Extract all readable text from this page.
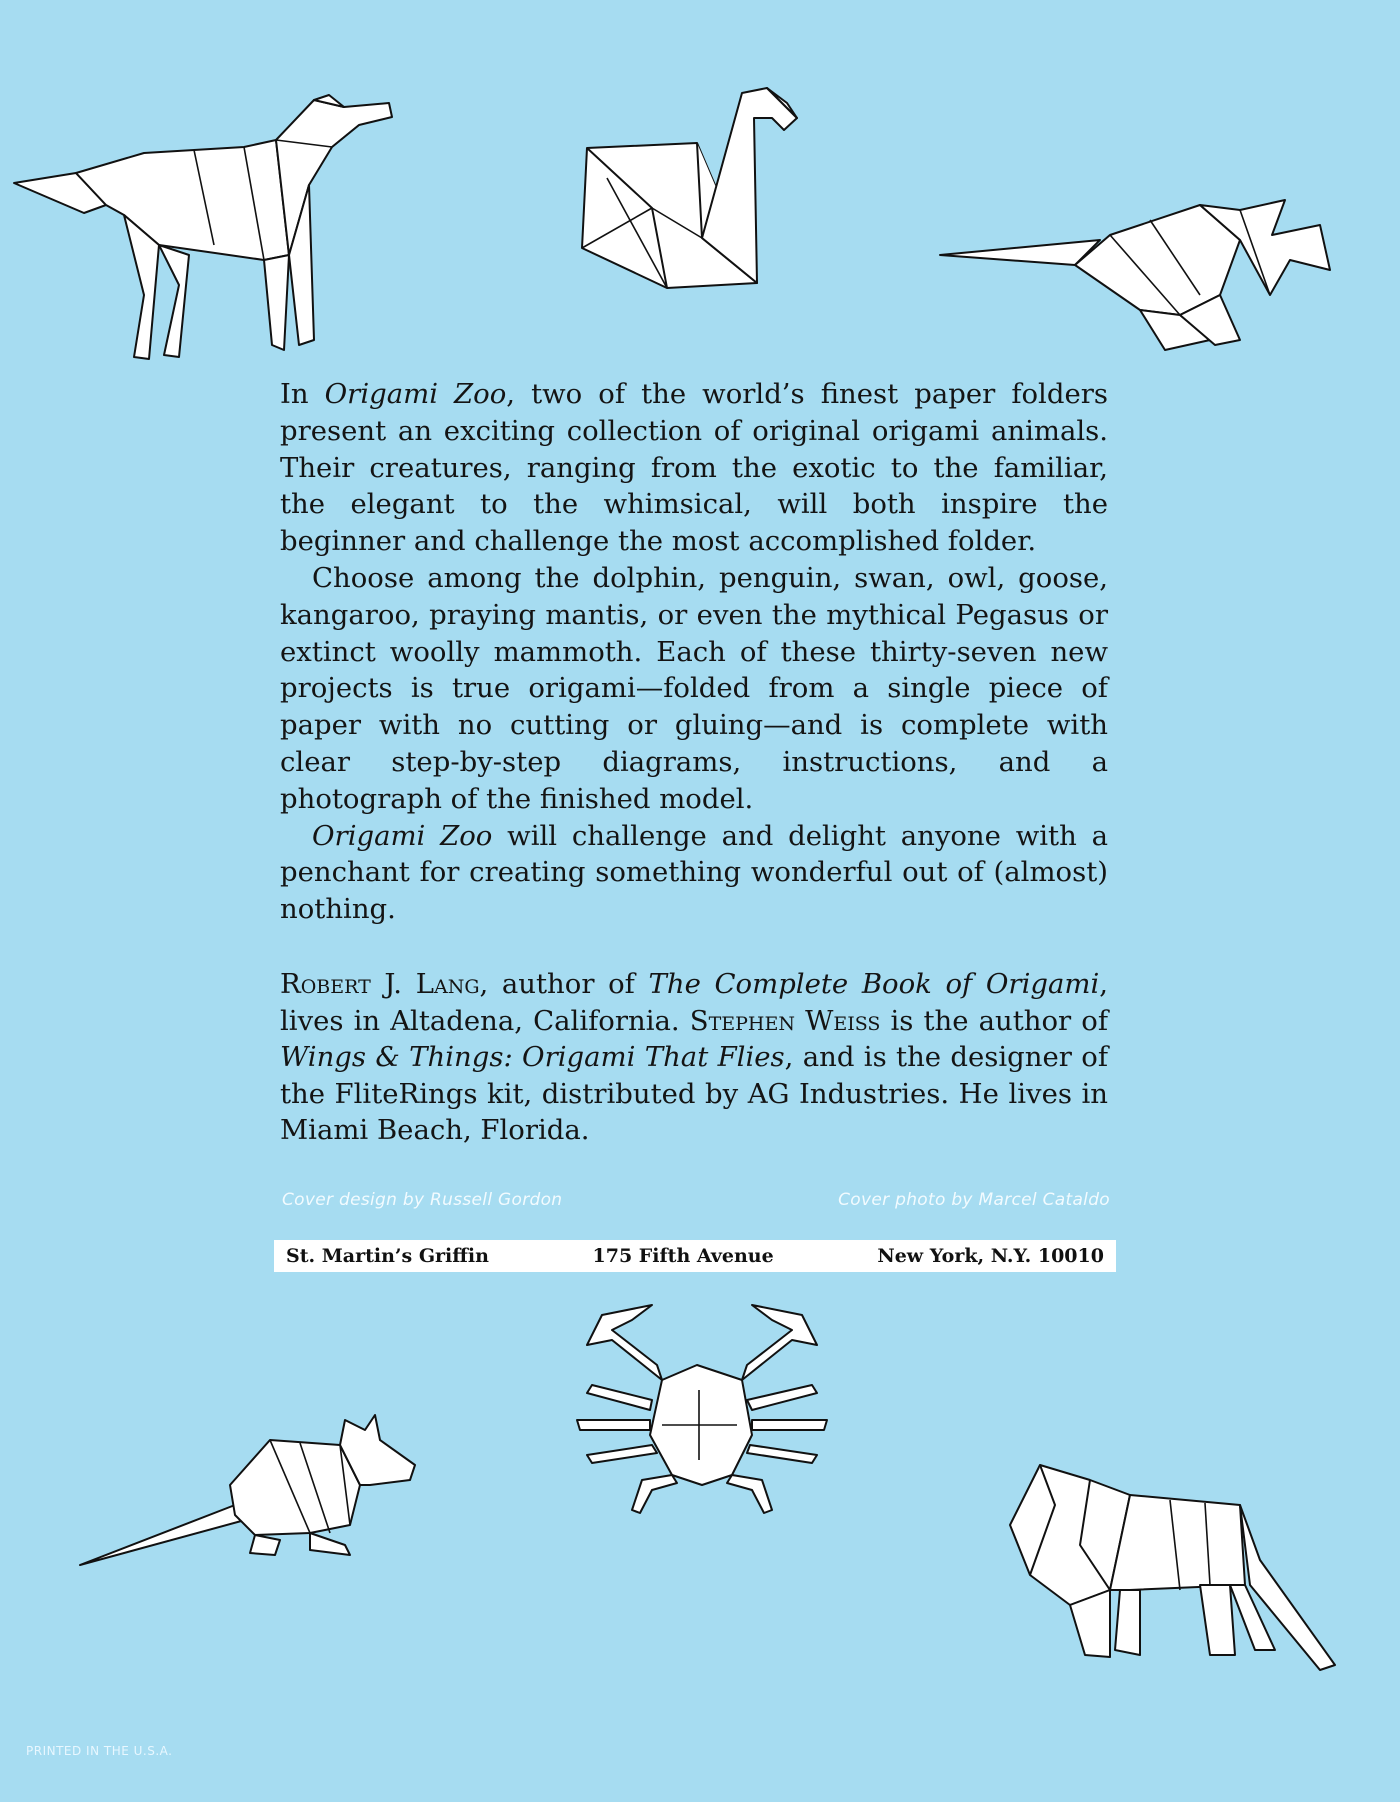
In Origami Zoo, two of the world’s finest paper folders present an exciting collection of original origami animals. Their creatures, ranging from the exotic to the familiar, the elegant to the whimsical, will both inspire the beginner and challenge the most accomplished folder.

Choose among the dolphin, penguin, swan, owl, goose, kangaroo, praying mantis, or even the mythical Pegasus or extinct woolly mammoth. Each of these thirty-seven new projects is true origami—folded from a single piece of paper with no cutting or gluing—and is complete with clear step-by-step diagrams, instructions, and a photograph of the finished model.

Origami Zoo will challenge and delight anyone with a penchant for creating something wonderful out of (almost) nothing.

Robert J. Lang, author of The Complete Book of Origami, lives in Altadena, California. Stephen Weiss is the author of Wings & Things: Origami That Flies, and is the designer of the FliteRings kit, distributed by AG Industries. He lives in Miami Beach, Florida.

Cover design by Russell Gordon	Cover photo by Marcel Cataldo
St. Martin’s Griffin	175 Fifth Avenue	New York, N.Y. 10010
PRINTED IN THE U.S.A.
